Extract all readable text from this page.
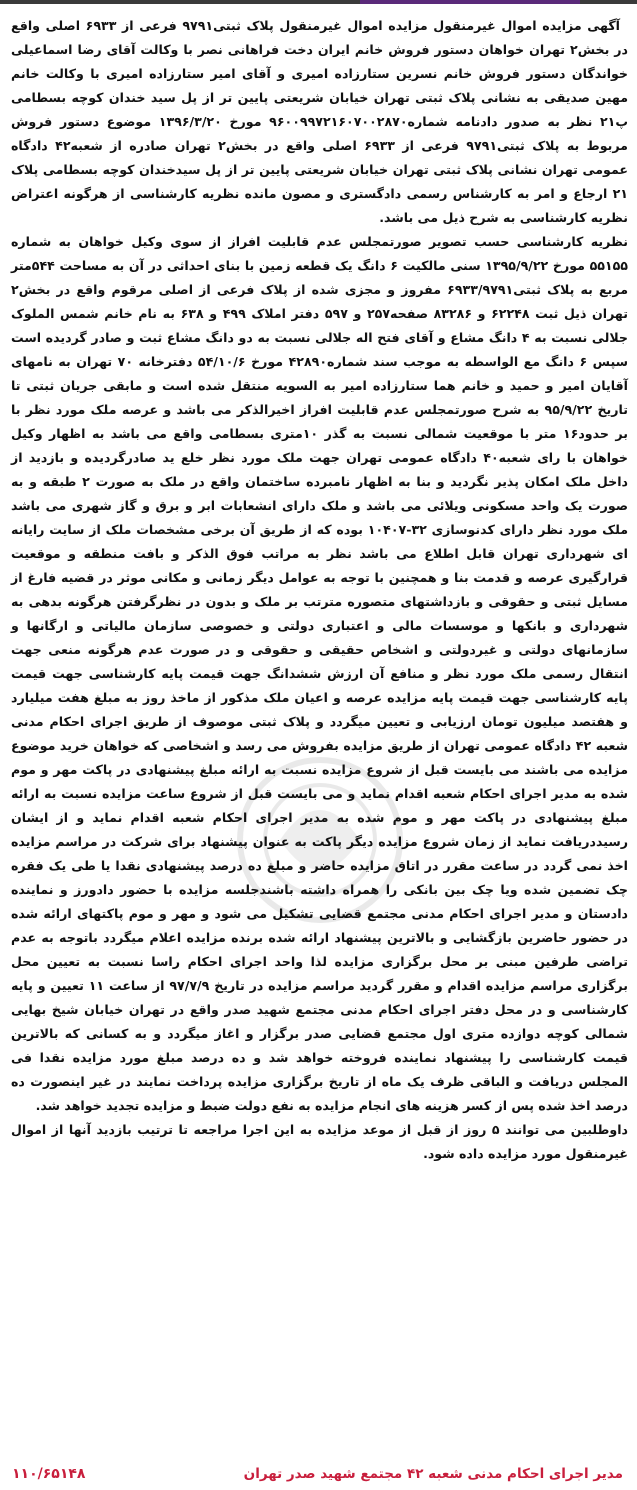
آگهی مزایده اموال غیرمنقول مزایده اموال غیرمنقول پلاک ثبتی۹۷۹۱ فرعی از ۶۹۳۳ اصلی واقع در بخش۲ تهران خواهان دستور فروش خانم ایران دخت فراهانی نصر با وکالت آقای رضا اسماعیلی خواندگان دستور فروش خانم نسرین ستارزاده امیری و آقای امیر ستارزاده امیری با وکالت خانم مهین صدیقی به نشانی پلاک ثبتی تهران خیابان شریعتی پایین تر از پل سید خندان کوچه بسطامی پ۲۱ نظر به صدور دادنامه شماره۹۶۰۰۹۹۷۲۱۶۰۷۰۰۲۸۷۰ مورخ ۱۳۹۶/۳/۲۰ موضوع دستور فروش مربوط به پلاک ثبتی۹۷۹۱ فرعی از ۶۹۳۳ اصلی واقع در بخش۲ تهران صادره از شعبه۴۲ دادگاه عمومی تهران نشانی پلاک ثبتی تهران خیابان شریعتی پایین تر از پل سیدخندان کوچه بسطامی پلاک ۲۱ ارجاع و امر به کارشناس رسمی دادگستری و مصون مانده نظریه کارشناسی از هرگونه اعتراض نظریه کارشناسی به شرح ذیل می باشد.

نظریه کارشناسی حسب تصویر صورتمجلس عدم قابلیت افراز از سوی وکیل خواهان به شماره ۵۵۱۵۵ مورخ ۱۳۹۵/۹/۲۲ سنی مالکیت ۶ دانگ یک قطعه زمین با بنای احداثی در آن به مساحت ۵۴۴متر مربع به پلاک ثبتی۶۹۳۳/۹۷۹۱ مفروز و مجزی شده از پلاک فرعی از اصلی مرقوم واقع در بخش۲ تهران ذیل ثبت ۶۲۲۴۸ و ۸۳۲۸۶ صفحه۲۵۷ و ۵۹۷ دفتر املاک ۴۹۹ و ۶۳۸ به نام خانم شمس الملوک جلالی نسبت به ۴ دانگ مشاع و آقای فتح اله جلالی نسبت به دو دانگ مشاع ثبت و صادر گردیده است سپس ۶ دانگ مع الواسطه به موجب سند شماره۴۲۸۹۰ مورخ ۵۴/۱۰/۶ دفترخانه ۷۰ تهران به نامهای آقایان امیر و حمید و خانم هما ستارزاده امیر به السویه منتقل شده است و مابقی جریان ثبتی تا تاریخ ۹۵/۹/۲۲ به شرح صورتمجلس عدم قابلیت افراز اخیرالذکر می باشد و عرصه ملک مورد نظر با بر حدود۱۶ متر با موقعیت شمالی نسبت به گذر ۱۰متری بسطامی واقع می باشد به اظهار وکیل خواهان با رای شعبه۴۰ دادگاه عمومی تهران جهت ملک مورد نظر خلع ید صادرگردیده و بازدید از داخل ملک امکان پذیر نگردید و بنا به اظهار نامبرده ساختمان واقع در ملک به صورت ۲ طبقه و به صورت یک واحد مسکونی ویلائی می باشد و ملک دارای انشعابات ابر و برق و گاز شهری می باشد ملک مورد نظر دارای کدنوسازی ۳۲-۱۰۴۰۷ بوده که از طریق آن برخی مشخصات ملک از سایت رایانه ای شهرداری تهران قابل اطلاع می باشد نظر به مراتب فوق الذکر و بافت منطقه و موقعیت قرارگیری عرصه و قدمت بنا و همچنین با توجه به عوامل دیگر زمانی و مکانی موثر در قضیه فارغ از مسایل ثبتی و حقوقی و بازداشتهای متصوره مترتب بر ملک و بدون در نظرگرفتن هرگونه بدهی به شهرداری و بانکها و موسسات مالی و اعتباری دولتی و خصوصی سازمان مالیاتی و ارگانها و سازمانهای دولتی و غیردولتی و اشخاص حقیقی و حقوقی و در صورت عدم هرگونه منعی جهت انتقال رسمی ملک مورد نظر و منافع آن ارزش ششدانگ جهت قیمت پایه کارشناسی جهت قیمت پایه کارشناسی جهت قیمت پایه مزایده عرصه و اعیان ملک مذکور از ماخذ روز به مبلغ هفت میلیارد و هفتصد میلیون تومان ارزیابی و تعیین میگردد و پلاک ثبتی موصوف از طریق اجرای احکام مدنی شعبه ۴۲ دادگاه عمومی تهران از طریق مزایده بفروش می رسد و اشخاصی که خواهان خرید موضوع مزایده می باشند می بایست قبل از شروع مزایده نسبت به ارائه مبلغ پیشنهادی در پاکت مهر و موم شده به مدیر اجرای احکام شعبه اقدام نماید و می بایست قبل از شروع ساعت مزایده نسبت به ارائه مبلغ پیشنهادی در پاکت مهر و موم شده به مدیر اجرای احکام شعبه اقدام نماید و از ایشان رسیددریافت نماید از زمان شروع مزایده دیگر پاکت به عنوان پیشنهاد برای شرکت در مراسم مزایده اخذ نمی گردد در ساعت مقرر در اتاق مزایده حاضر و مبلغ ده درصد پیشنهادی نقدا یا طی یک فقره چک تضمین شده ویا چک بین بانکی را همراه داشته باشندجلسه مزایده با حضور دادورز و نماینده دادستان و مدیر اجرای احکام مدنی مجتمع قضایی تشکیل می شود و مهر و موم پاکتهای ارائه شده در حضور حاضرین بازگشایی و بالاترین پیشنهاد ارائه شده برنده مزایده اعلام میگردد باتوجه به عدم تراضی طرفین مبنی بر محل برگزاری مزایده لذا واحد اجرای احکام راسا نسبت به تعیین محل برگزاری مراسم مزایده اقدام و مقرر گردید مراسم مزایده در تاریخ ۹۷/۷/۹ از ساعت ۱۱ تعیین و پایه کارشناسی و در محل دفتر اجرای احکام مدنی مجتمع شهید صدر واقع در تهران خیابان شیخ بهایی شمالی کوچه دوازده متری اول مجتمع قضایی صدر برگزار و اغاز میگردد و به کسانی که بالاترین قیمت کارشناسی را پیشنهاد نماینده فروخته خواهد شد و ده درصد مبلغ مورد مزایده نقدا فی المجلس دریافت و الباقی ظرف یک ماه از تاریخ برگزاری مزایده پرداخت نمایند در غیر اینصورت ده درصد اخذ شده پس از کسر هزینه های انجام مزایده به نفع دولت ضبط و مزایده تجدید خواهد شد.

داوطلبین می توانند ۵ روز از قبل از موعد مزایده به این اجرا مراجعه تا ترتیب بازدید آنها از اموال غیرمنقول مورد مزایده داده شود.

مدیر اجرای احکام مدنی شعبه ۴۲ مجتمع شهید صدر تهران
۱۱۰/۶۵۱۴۸
